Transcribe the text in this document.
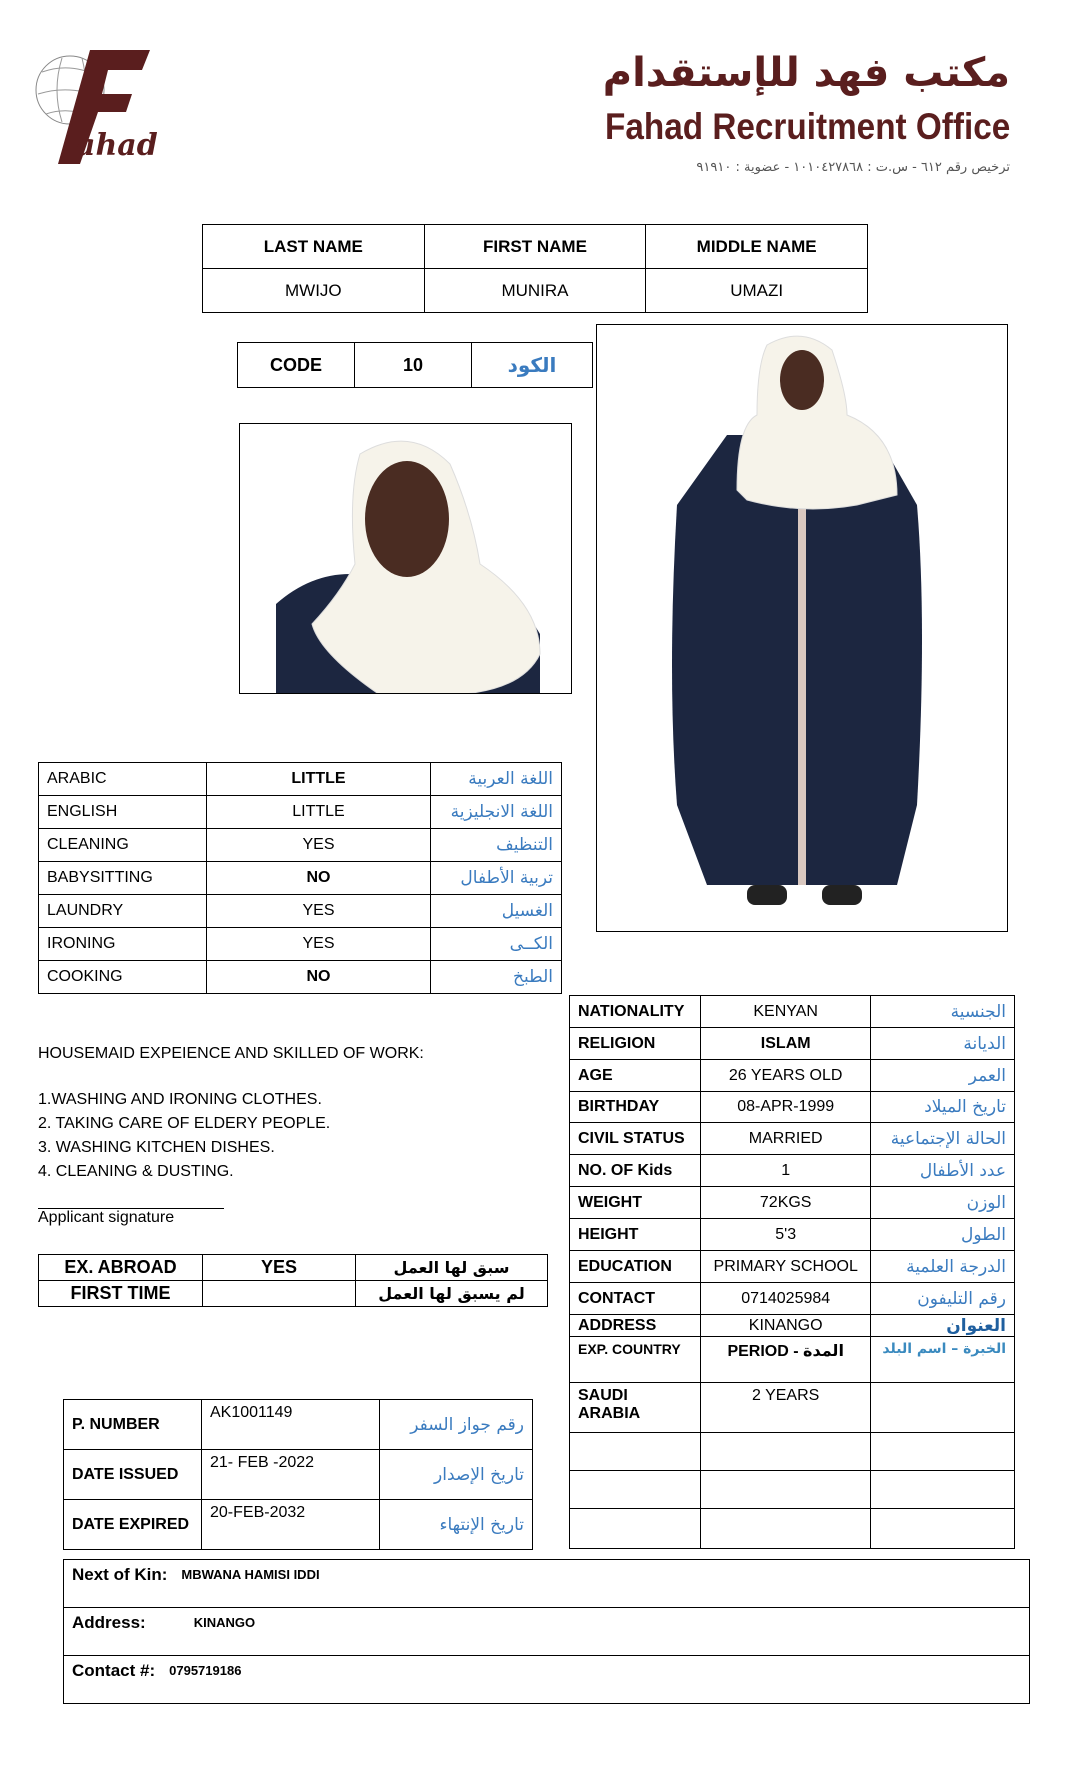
ahad
مكتب فهد للإستقدام
Fahad Recruitment Office
ترخيص رقم ٦١٢ - س.ت : ١٠١٠٤٢٧٨٦٨ - عضوية : ٩١٩١٠
LAST NAME	FIRST NAME	MIDDLE NAME
MWIJO	MUNIRA	UMAZI
CODE	10	الكود
ARABIC	LITTLE	اللغة العربية
ENGLISH	LITTLE	اللغة الانجليزية
CLEANING	YES	التنظيف
BABYSITTING	NO	تربية الأطفال
LAUNDRY	YES	الغسيل
IRONING	YES	الكــى
COOKING	NO	الطبخ
HOUSEMAID EXPEIENCE AND SKILLED OF WORK:
1.WASHING AND IRONING CLOTHES.
2. TAKING CARE OF ELDERY PEOPLE.
3. WASHING KITCHEN DISHES.
4. CLEANING & DUSTING.
Applicant signature
EX. ABROAD	YES	سبق لها العمل
FIRST TIME		لم يسبق لها العمل
NATIONALITY	KENYAN	الجنسية
RELIGION	ISLAM	الديانة
AGE	26 YEARS OLD	العمر
BIRTHDAY	08-APR-1999	تاريخ الميلاد
CIVIL STATUS	MARRIED	الحالة الإجتماعية
NO. OF Kids	1	عدد الأطفال
WEIGHT	72KGS	الوزن
HEIGHT	5'3	الطول
EDUCATION	PRIMARY SCHOOL	الدرجة العلمية
CONTACT	0714025984	رقم التليفون
ADDRESS	KINANGO	العنوان
EXP. COUNTRY	PERIOD - المدة	الخبرة – اسم البلد
SAUDI ARABIA	2 YEARS	

P. NUMBER	AK1001149	رقم جواز السفر
DATE ISSUED	21- FEB -2022	تاريخ الإصدار
DATE EXPIRED	20-FEB-2032	تاريخ الإنتهاء
Next of Kin: MBWANA HAMISI IDDI
Address:	KINANGO
Contact #: 0795719186
